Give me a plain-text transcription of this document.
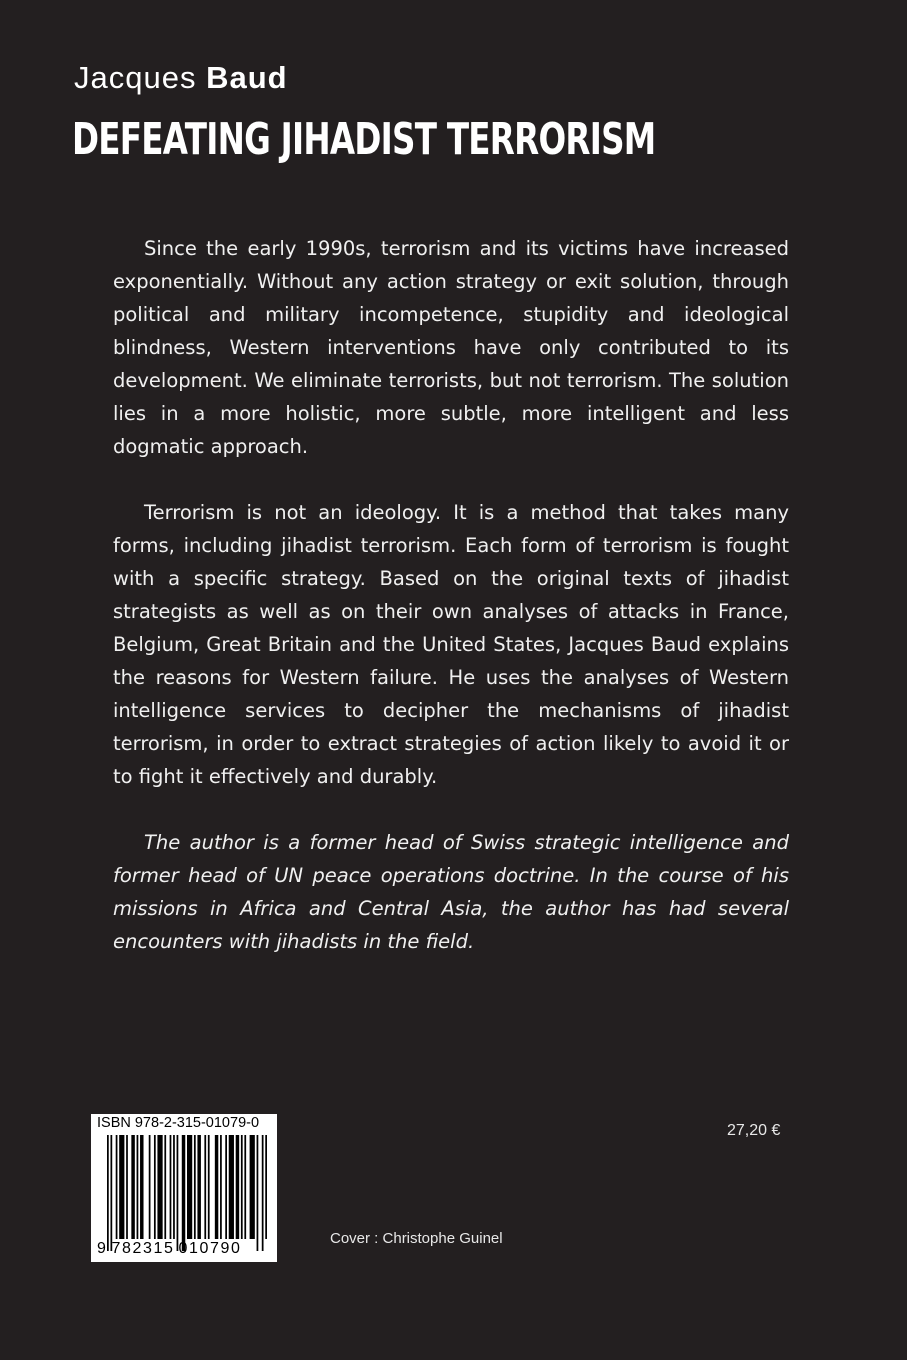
Jacques Baud
DEFEATING JIHADIST TERRORISM

Since the early 1990s, terrorism and its victims have increased exponentially. Without any action strategy or exit solution, through political and military incompetence, stupidity and ideological blindness, Western interventions have only contributed to its development. We eliminate terrorists, but not terrorism. The solution lies in a more holistic, more subtle, more intelligent and less dogmatic approach.

Terrorism is not an ideology. It is a method that takes many forms, including jihadist terrorism. Each form of terrorism is fought with a specific strategy. Based on the original texts of jihadist strategists as well as on their own analyses of attacks in France, Belgium, Great Britain and the United States, Jacques Baud explains the reasons for Western failure. He uses the analyses of Western intelligence services to decipher the mechanisms of jihadist terrorism, in order to extract strategies of action likely to avoid it or to fight it effectively and durably.

The author is a former head of Swiss strategic intelligence and former head of UN peace operations doctrine. In the course of his missions in Africa and Central Asia, the author has had several encounters with jihadists in the field.

ISBN 978-2-315-01079-0
9 782315 010790
27,20 €
Cover : Christophe Guinel
